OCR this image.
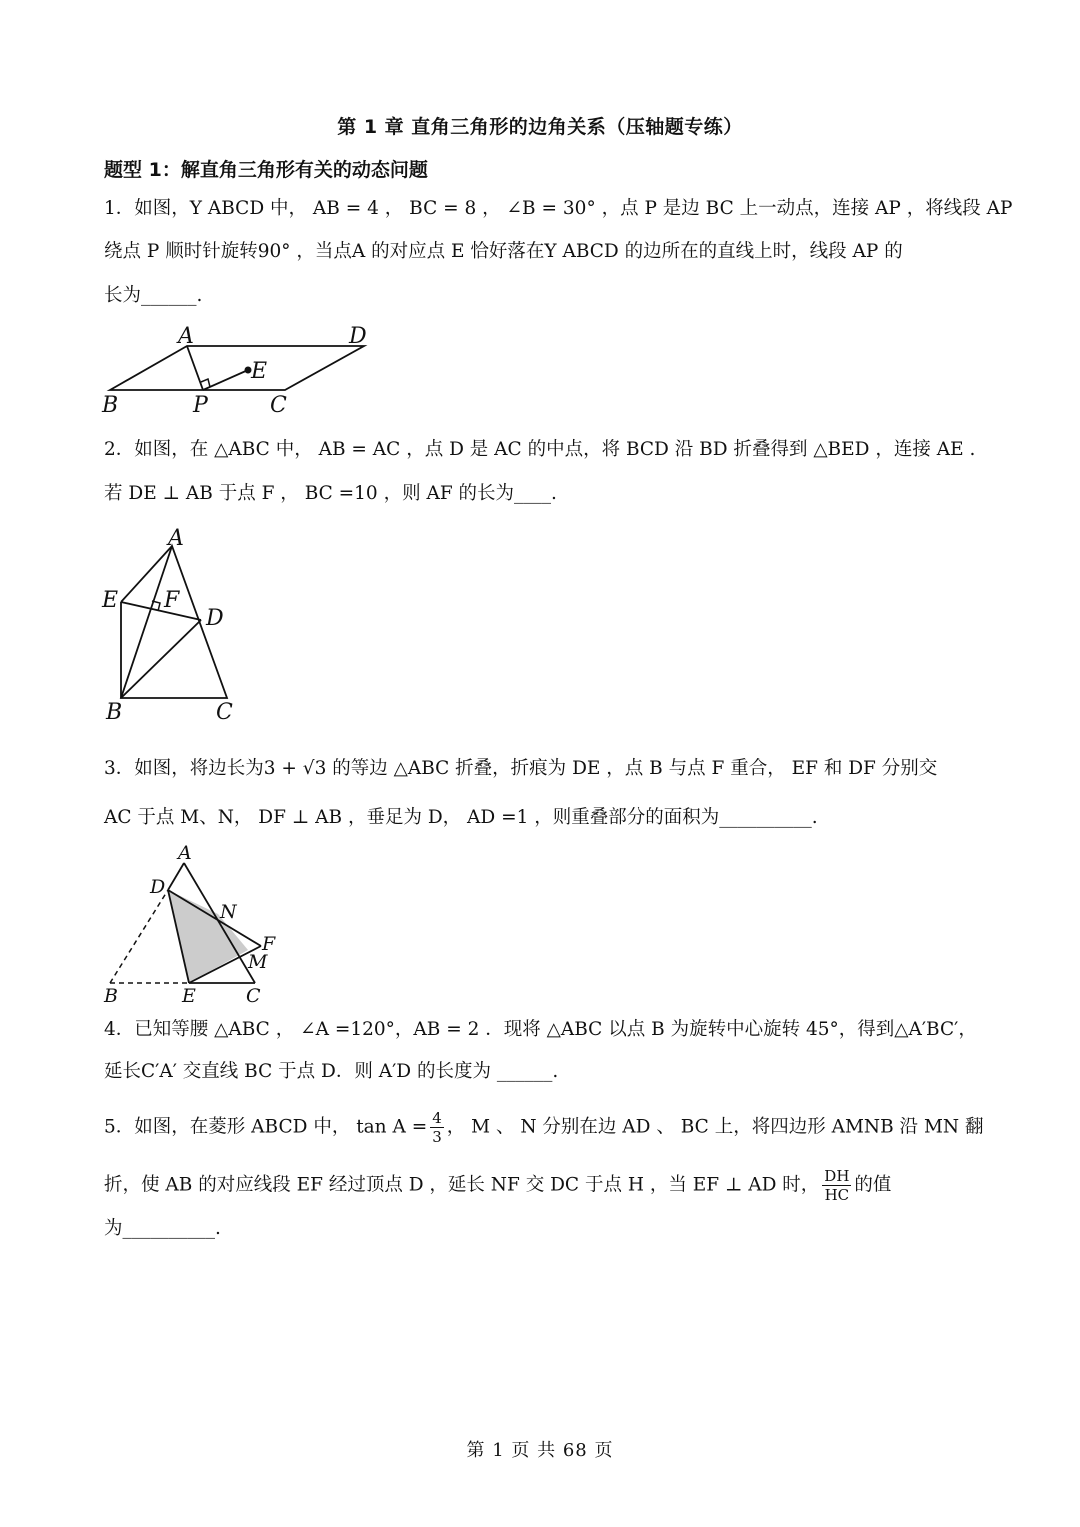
第 1 章 直角三角形的边角关系（压轴题专练）
题型 1：解直角三角形有关的动态问题
1．如图，Y ABCD 中， AB = 4 ， BC = 8 ， ∠B = 30° ，点 P 是边 BC 上一动点，连接 AP ，将线段 AP
绕点 P 顺时针旋转90° ，当点A 的对应点 E 恰好落在Y ABCD 的边所在的直线上时，线段 AP 的
长为______.
A	D
E
B	P	C
2．如图，在 △ABC 中， AB = AC ，点 D 是 AC 的中点，将 BCD 沿 BD 折叠得到 △BED ，连接 AE .
若 DE ⊥ AB 于点 F ， BC =10 ，则 AF 的长为____.
A
E F
D
B	C
3．如图，将边长为3 + √3 的等边 △ABC 折叠，折痕为 DE ，点 B 与点 F 重合， EF 和 DF 分别交
AC 于点 M、N， DF ⊥ AB ，垂足为 D， AD =1 ，则重叠部分的面积为__________.
A
D
N
F
M
B	E	C
4．已知等腰 △ABC ， ∠A =120°，AB = 2 ．现将 △ABC 以点 B 为旋转中心旋转 45°，得到△A′BC′，
延长C′A′ 交直线 BC 于点 D．则 A′D 的长度为 ______.
5．如图，在菱形 ABCD 中， $\tan A = \frac{4}{3}$ ， M 、 N 分别在边 AD 、 BC 上，将四边形 AMNB 沿 MN 翻
折，使 AB 的对应线段 EF 经过顶点 D ，延长 NF 交 DC 于点 H ，当 EF ⊥ AD 时， $\frac{DH}{HC}$ 的值
为__________.
第 1 页 共 68 页
